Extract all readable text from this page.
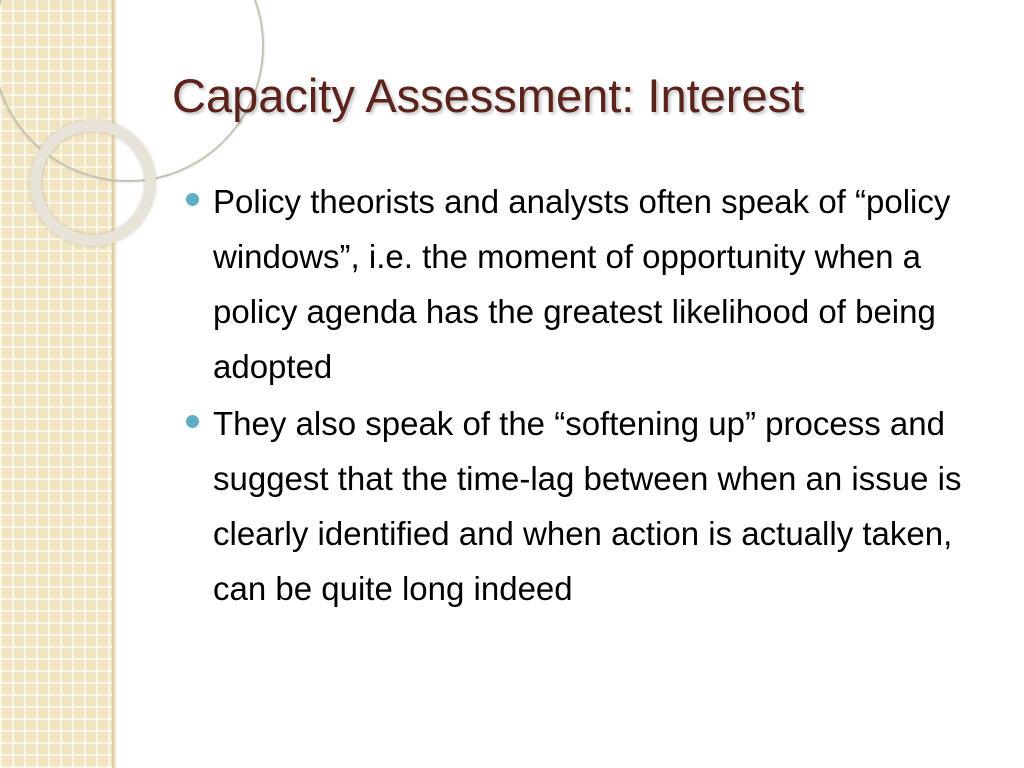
Capacity Assessment: Interest
Policy theorists and analysts often speak of “policy windows”, i.e. the moment of opportunity when a policy agenda has the greatest likelihood of being adopted
They also speak of the “softening up” process and suggest that the time-lag between when an issue is clearly identified and when action is actually taken, can be quite long indeed
